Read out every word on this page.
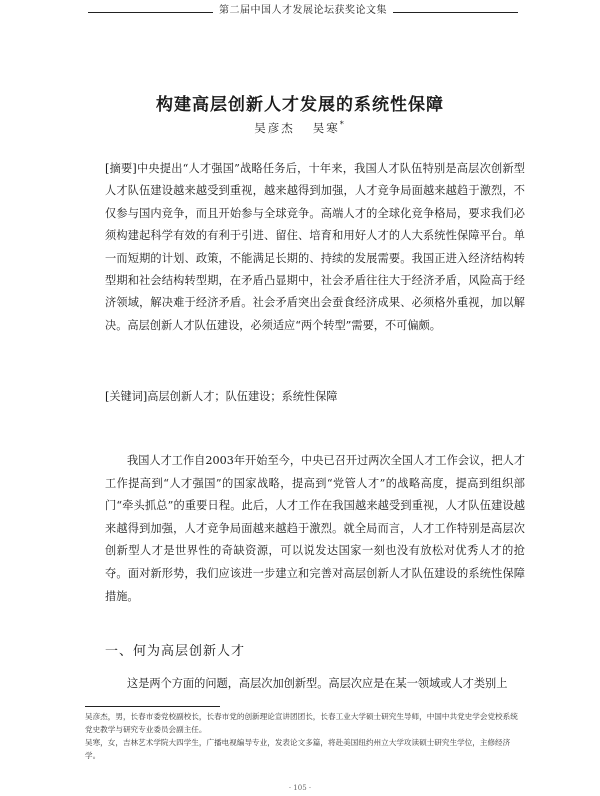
第二届中国人才发展论坛获奖论文集
构建高层创新人才发展的系统性保障
吴彦杰 吴寒*
[摘要]中央提出“人才强国”战略任务后，十年来，我国人才队伍特别是高层次创新型人才队伍建设越来越受到重视，越来越得到加强，人才竞争局面越来越趋于激烈，不仅参与国内竞争，而且开始参与全球竞争。高端人才的全球化竞争格局，要求我们必须构建起科学有效的有利于引进、留住、培育和用好人才的人大系统性保障平台。单一而短期的计划、政策，不能满足长期的、持续的发展需要。我国正进入经济结构转型期和社会结构转型期，在矛盾凸显期中，社会矛盾往往大于经济矛盾，风险高于经济领域，解决难于经济矛盾。社会矛盾突出会蚕食经济成果、必须格外重视，加以解决。高层创新人才队伍建设，必须适应“两个转型”需要，不可偏颇。
[关键词]高层创新人才；队伍建设；系统性保障
我国人才工作自2003年开始至今，中央已召开过两次全国人才工作会议，把人才工作提高到“人才强国”的国家战略，提高到“党管人才”的战略高度，提高到组织部门“牵头抓总”的重要日程。此后，人才工作在我国越来越受到重视，人才队伍建设越来越得到加强，人才竞争局面越来越趋于激烈。就全局而言，人才工作特别是高层次创新型人才是世界性的奇缺资源，可以说发达国家一刻也没有放松对优秀人才的抢夺。面对新形势，我们应该进一步建立和完善对高层创新人才队伍建设的系统性保障措施。
一、何为高层创新人才
这是两个方面的问题，高层次加创新型。高层次应是在某一领域或人才类别上

吴彦杰，男，长春市委党校副校长，长春市党的创新理论宣讲团团长，长春工业大学硕士研究生导师，中国中共党史学会党校系统党史教学与研究专业委员会副主任。

吴寒，女，吉林艺术学院大四学生，广播电视编导专业，发表论文多篇，将赴美国纽约州立大学攻读硕士研究生学位，主修经济学。

· 105 ·
